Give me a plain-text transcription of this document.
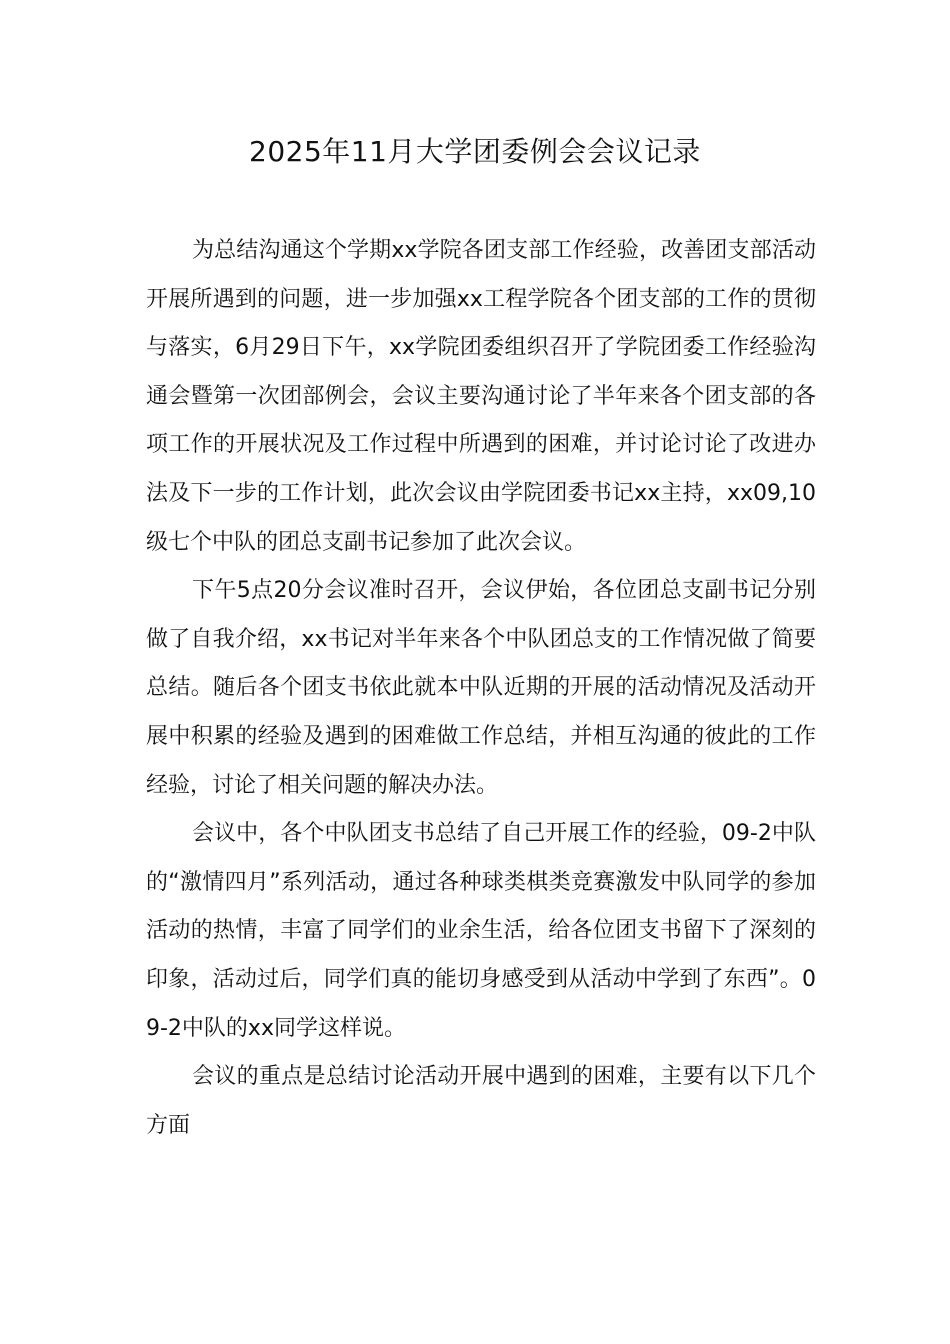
2025年11月大学团委例会会议记录

为总结沟通这个学期xx学院各团支部工作经验，改善团支部活动开展所遇到的问题，进一步加强xx工程学院各个团支部的工作的贯彻与落实，6月29日下午，xx学院团委组织召开了学院团委工作经验沟通会暨第一次团部例会，会议主要沟通讨论了半年来各个团支部的各项工作的开展状况及工作过程中所遇到的困难，并讨论讨论了改进办法及下一步的工作计划，此次会议由学院团委书记xx主持，xx09,10级七个中队的团总支副书记参加了此次会议。

下午5点20分会议准时召开，会议伊始，各位团总支副书记分别做了自我介绍，xx书记对半年来各个中队团总支的工作情况做了简要总结。随后各个团支书依此就本中队近期的开展的活动情况及活动开展中积累的经验及遇到的困难做工作总结，并相互沟通的彼此的工作经验，讨论了相关问题的解决办法。

会议中，各个中队团支书总结了自己开展工作的经验，09-2中队的“激情四月”系列活动，通过各种球类棋类竞赛激发中队同学的参加活动的热情，丰富了同学们的业余生活，给各位团支书留下了深刻的印象，活动过后，同学们真的能切身感受到从活动中学到了东西”。09-2中队的xx同学这样说。

会议的重点是总结讨论活动开展中遇到的困难，主要有以下几个方面
